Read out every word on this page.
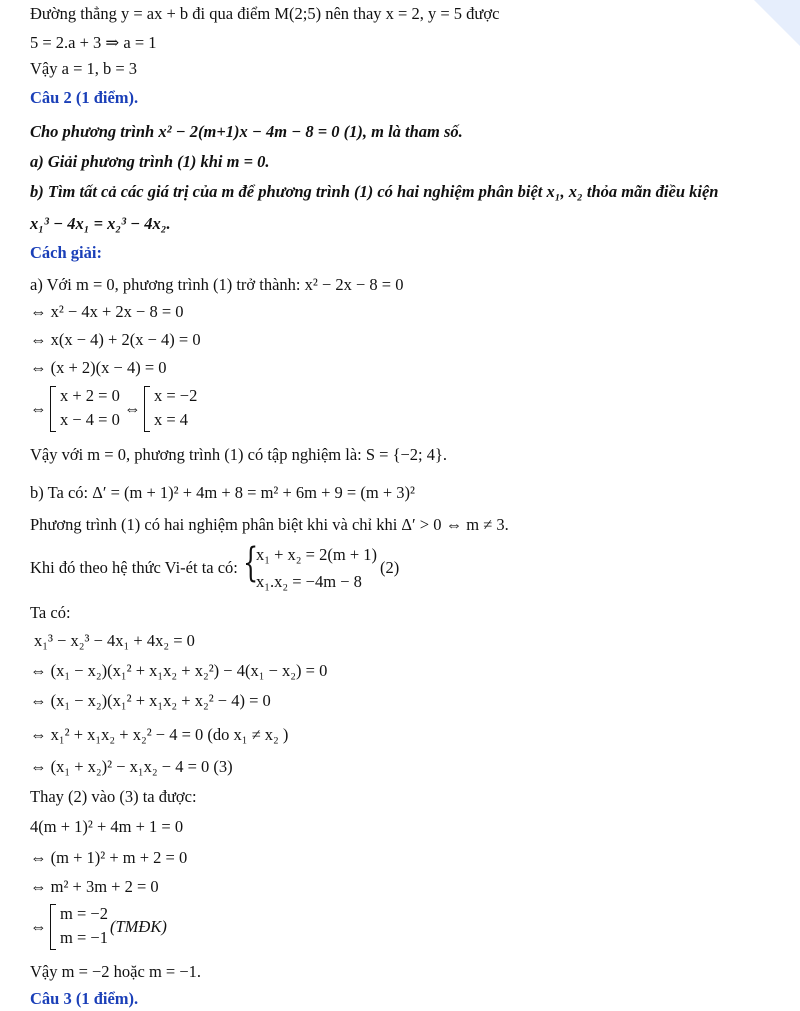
Đường thẳng y = ax + b đi qua điểm M(2;5) nên thay x = 2, y = 5 được
5 = 2.a + 3 ⇒ a = 1
Vậy a = 1, b = 3
Câu 2 (1 điểm).
Cho phương trình x² − 2(m+1)x − 4m − 8 = 0 (1), m là tham số.
a) Giải phương trình (1) khi m = 0.
b) Tìm tất cả các giá trị của m để phương trình (1) có hai nghiệm phân biệt x₁, x₂ thỏa mãn điều kiện
x₁³ − 4x₁ = x₂³ − 4x₂.
Cách giải:
a) Với m = 0, phương trình (1) trở thành: x² − 2x − 8 = 0
⇔ x² − 4x + 2x − 8 = 0
⇔ x(x − 4) + 2(x − 4) = 0
⇔ (x + 2)(x − 4) = 0
⇔
x + 2 = 0
x − 4 = 0
⇔
x = −2
x = 4
Vậy với m = 0, phương trình (1) có tập nghiệm là: S = {−2; 4}.
b) Ta có: Δ′ = (m + 1)² + 4m + 8 = m² + 6m + 9 = (m + 3)²
Phương trình (1) có hai nghiệm phân biệt khi và chỉ khi Δ′ > 0 ⇔ m ≠ 3.
Khi đó theo hệ thức Vi-ét ta có: {
x₁ + x₂ = 2(m + 1)
x₁.x₂ = −4m − 8
(2)
Ta có:
x₁³ − x₂³ − 4x₁ + 4x₂ = 0
⇔ (x₁ − x₂)(x₁² + x₁x₂ + x₂²) − 4(x₁ − x₂) = 0
⇔ (x₁ − x₂)(x₁² + x₁x₂ + x₂² − 4) = 0
⇔ x₁² + x₁x₂ + x₂² − 4 = 0 (do x₁ ≠ x₂ )
⇔ (x₁ + x₂)² − x₁x₂ − 4 = 0 (3)
Thay (2) vào (3) ta được:
4(m + 1)² + 4m + 1 = 0
⇔ (m + 1)² + m + 2 = 0
⇔ m² + 3m + 2 = 0
⇔
m = −2
m = −1
(TMĐK)
Vậy m = −2 hoặc m = −1.
Câu 3 (1 điểm).
